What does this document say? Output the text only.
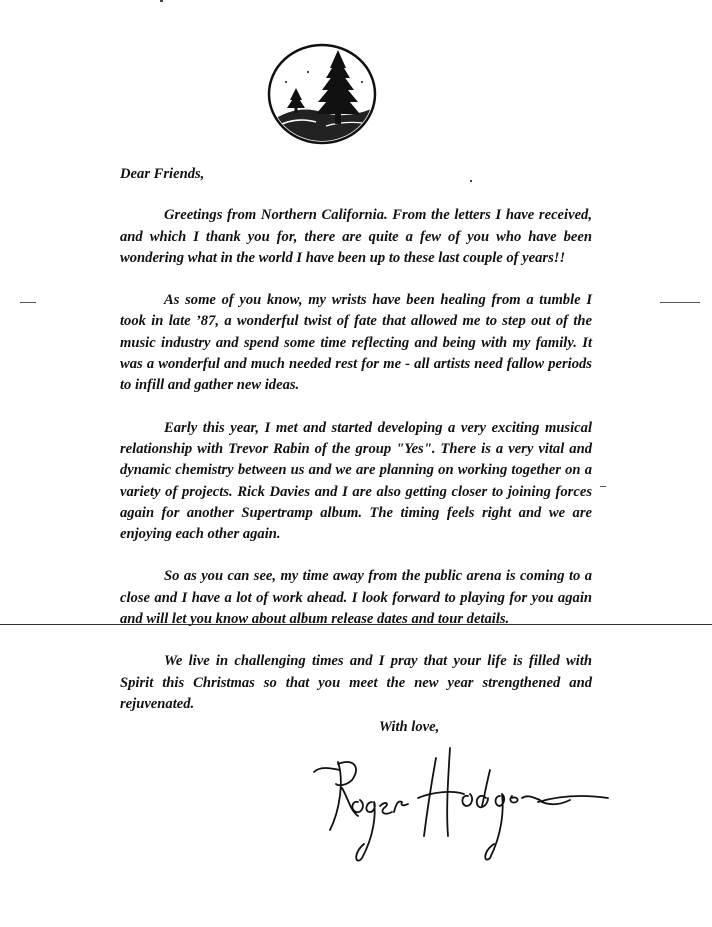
Dear Friends,

Greetings from Northern California. From the letters I have received, and which I thank you for, there are quite a few of you who have been wondering what in the world I have been up to these last couple of years!!

As some of you know, my wrists have been healing from a tumble I took in late ’87, a wonderful twist of fate that allowed me to step out of the music industry and spend some time reflecting and being with my family. It was a wonderful and much needed rest for me - all artists need fallow periods to infill and gather new ideas.

Early this year, I met and started developing a very exciting musical relationship with Trevor Rabin of the group "Yes". There is a very vital and dynamic chemistry between us and we are planning on working together on a variety of projects. Rick Davies and I are also getting closer to joining forces again for another Supertramp album. The timing feels right and we are enjoying each other again.

So as you can see, my time away from the public arena is coming to a close and I have a lot of work ahead. I look forward to playing for you again and will let you know about album release dates and tour details.

We live in challenging times and I pray that your life is filled with Spirit this Christmas so that you meet the new year strengthened and rejuvenated.

With love,
